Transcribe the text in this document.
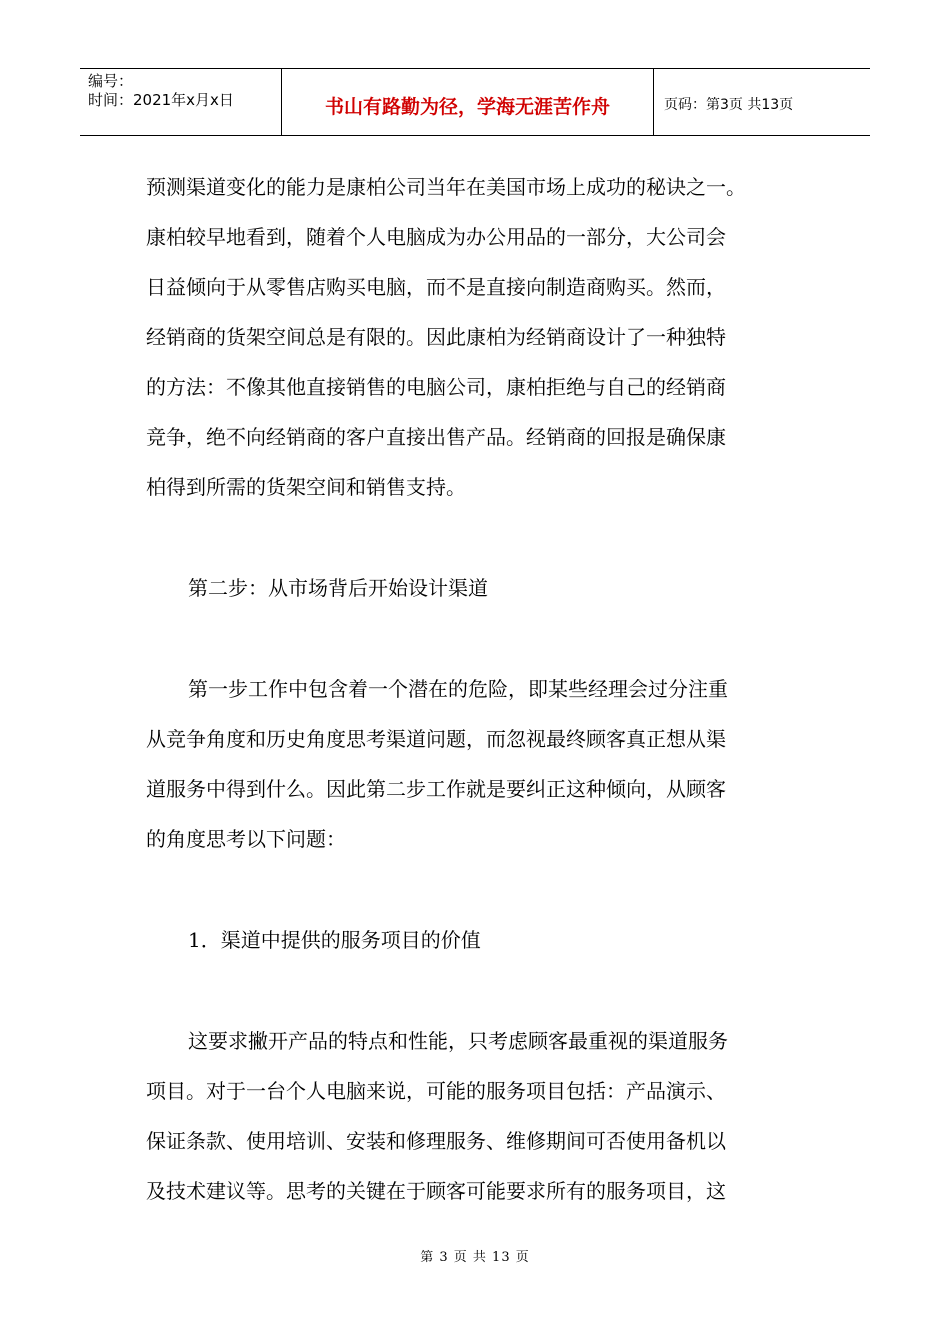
编号：
时间：2021年x月x日	书山有路勤为径，学海无涯苦作舟	页码：第3页 共13页
预测渠道变化的能力是康柏公司当年在美国市场上成功的秘诀之一。
康柏较早地看到，随着个人电脑成为办公用品的一部分，大公司会
日益倾向于从零售店购买电脑，而不是直接向制造商购买。然而，
经销商的货架空间总是有限的。因此康柏为经销商设计了一种独特
的方法：不像其他直接销售的电脑公司，康柏拒绝与自己的经销商
竞争，绝不向经销商的客户直接出售产品。经销商的回报是确保康
柏得到所需的货架空间和销售支持。
第二步：从市场背后开始设计渠道
第一步工作中包含着一个潜在的危险，即某些经理会过分注重
从竞争角度和历史角度思考渠道问题，而忽视最终顾客真正想从渠
道服务中得到什么。因此第二步工作就是要纠正这种倾向，从顾客
的角度思考以下问题：
1．渠道中提供的服务项目的价值
这要求撇开产品的特点和性能，只考虑顾客最重视的渠道服务
项目。对于一台个人电脑来说，可能的服务项目包括：产品演示、
保证条款、使用培训、安装和修理服务、维修期间可否使用备机以
及技术建议等。思考的关键在于顾客可能要求所有的服务项目，这
第 3 页 共 13 页
